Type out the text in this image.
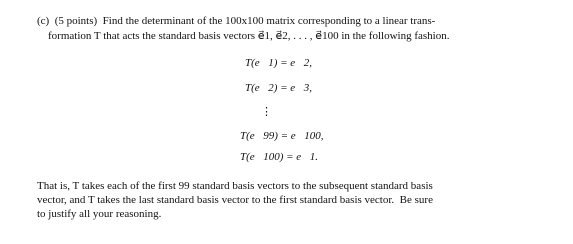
(c)  (5 points)  Find the determinant of the 100x100 matrix corresponding to a linear trans-
formation T that acts the standard basis vectors e⃗1, e⃗2, . . . , e⃗100 in the following fashion.
T(e⃗1) = e⃗2,
T(e⃗2) = e⃗3,
⋮
T(e⃗99) = e⃗100,
T(e⃗100) = e⃗1.
That is, T takes each of the first 99 standard basis vectors to the subsequent standard basis
vector, and T takes the last standard basis vector to the first standard basis vector.  Be sure
to justify all your reasoning.
